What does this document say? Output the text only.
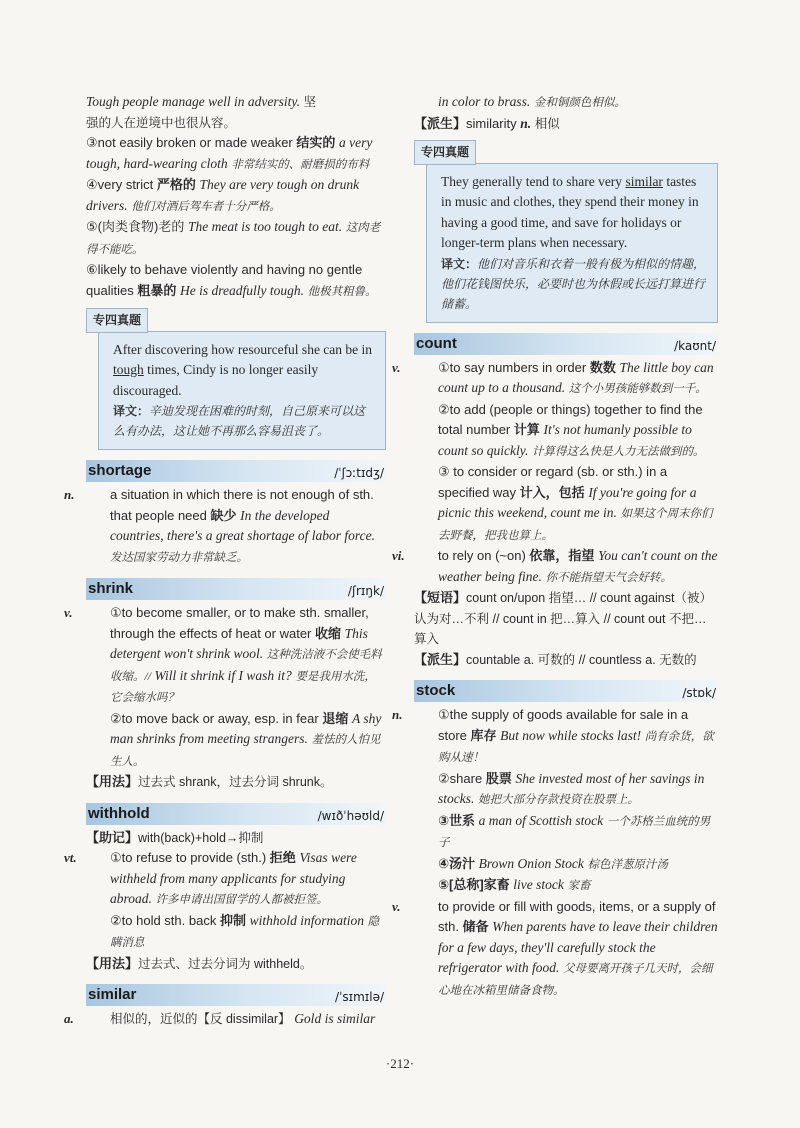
Tough people manage well in adversity. 坚
强的人在逆境中也很从容。
③not easily broken or made weaker 结实的 a very tough, hard-wearing cloth 非常结实的、耐磨损的布料
④very strict 严格的 They are very tough on drunk drivers. 他们对酒后驾车者十分严格。
⑤(肉类食物)老的 The meat is too tough to eat. 这肉老得不能吃。
⑥likely to behave violently and having no gentle qualities 粗暴的 He is dreadfully tough. 他极其粗鲁。
专四真题
After discovering how resourceful she can be in tough times, Cindy is no longer easily discouraged.
译文：辛迪发现在困难的时刻，自己原来可以这么有办法，这让她不再那么容易沮丧了。
shortage	/ˈʃɔːtɪdʒ/
n.	a situation in which there is not enough of sth. that people need 缺少 In the developed countries, there's a great shortage of labor force. 发达国家劳动力非常缺乏。
shrink	/ʃrɪŋk/
v.	①to become smaller, or to make sth. smaller, through the effects of heat or water 收缩 This detergent won't shrink wool. 这种洗洁液不会使毛料收缩。// Will it shrink if I wash it? 要是我用水洗，它会缩水吗？
②to move back or away, esp. in fear 退缩 A shy man shrinks from meeting strangers. 羞怯的人怕见生人。
【用法】过去式 shrank，过去分词 shrunk。
withhold	/wɪðˈhəʊld/
【助记】with(back)+hold→抑制
vt.	①to refuse to provide (sth.) 拒绝 Visas were withheld from many applicants for studying abroad. 许多申请出国留学的人都被拒签。
②to hold sth. back 抑制 withhold information 隐瞒消息
【用法】过去式、过去分词为 withheld。
similar	/ˈsɪmɪlə/
a.	相似的，近似的【反 dissimilar】 Gold is similar
in color to brass. 金和铜颜色相似。
【派生】similarity n. 相似
专四真题
They generally tend to share very similar tastes in music and clothes, they spend their money in having a good time, and save for holidays or longer-term plans when necessary.
译文：他们对音乐和衣着一般有极为相似的情趣，他们花钱图快乐，必要时也为休假或长远打算进行储蓄。
count	/kaʊnt/
v.	①to say numbers in order 数数 The little boy can count up to a thousand. 这个小男孩能够数到一千。
②to add (people or things) together to find the total number 计算 It's not humanly possible to count so quickly. 计算得这么快是人力无法做到的。
③ to consider or regard (sb. or sth.) in a specified way 计入，包括 If you're going for a picnic this weekend, count me in. 如果这个周末你们去野餐，把我也算上。
vi.	to rely on (~on) 依靠，指望 You can't count on the weather being fine. 你不能指望天气会好转。
【短语】count on/upon 指望… // count against（被）认为对…不利 // count in 把…算入 // count out 不把…算入
【派生】countable a. 可数的 // countless a. 无数的
stock	/stɒk/
n.	①the supply of goods available for sale in a store 库存 But now while stocks last! 尚有余货，欲购从速！
②share 股票 She invested most of her savings in stocks. 她把大部分存款投资在股票上。
③世系 a man of Scottish stock 一个苏格兰血统的男子
④汤汁 Brown Onion Stock 棕色洋葱原汁汤
⑤[总称]家畜 live stock 家畜
v.	to provide or fill with goods, items, or a supply of sth. 储备 When parents have to leave their children for a few days, they'll carefully stock the refrigerator with food. 父母要离开孩子几天时，会细心地在冰箱里储备食物。
·212·
